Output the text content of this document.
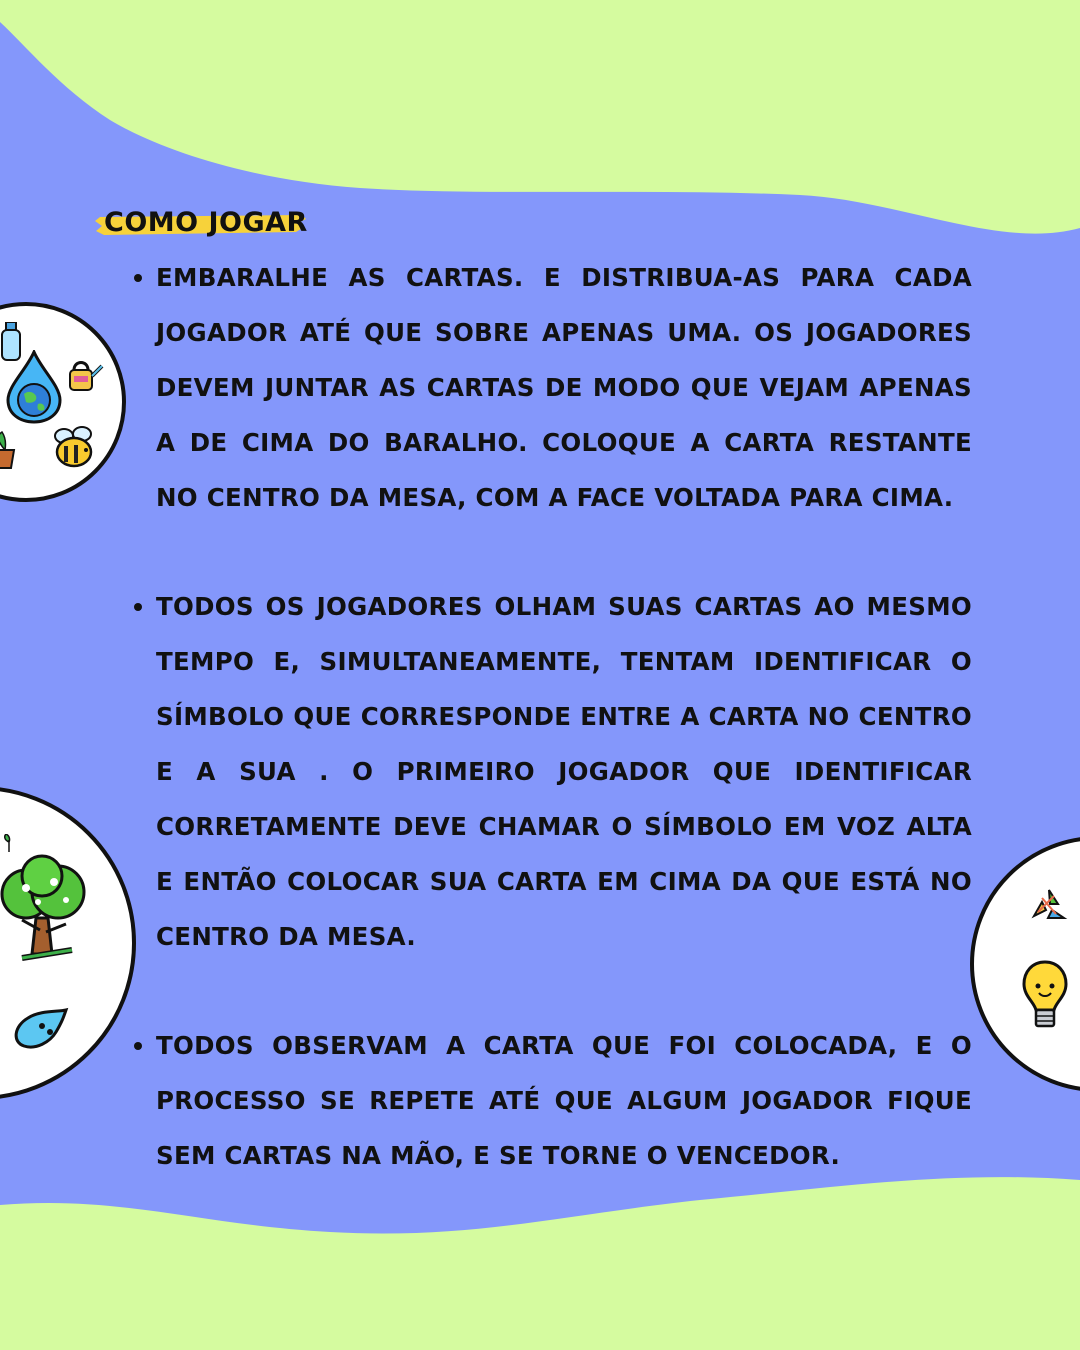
COMO JOGAR
EMBARALHE AS CARTAS. E DISTRIBUA-AS PARA CADA JOGADOR ATÉ QUE SOBRE APENAS UMA. OS JOGADORES DEVEM JUNTAR AS CARTAS DE MODO QUE VEJAM APENAS A DE CIMA DO BARALHO. COLOQUE A CARTA RESTANTE NO CENTRO DA MESA, COM A FACE VOLTADA PARA CIMA.
TODOS OS JOGADORES OLHAM SUAS CARTAS AO MESMO TEMPO E, SIMULTANEAMENTE, TENTAM IDENTIFICAR O SÍMBOLO QUE CORRESPONDE ENTRE A CARTA NO CENTRO E A SUA . O PRIMEIRO JOGADOR QUE IDENTIFICAR CORRETAMENTE DEVE CHAMAR O SÍMBOLO EM VOZ ALTA E ENTÃO COLOCAR SUA CARTA EM CIMA DA QUE ESTÁ NO CENTRO DA MESA.
TODOS OBSERVAM A CARTA QUE FOI COLOCADA, E O PROCESSO SE REPETE ATÉ QUE ALGUM JOGADOR FIQUE SEM CARTAS NA MÃO, E SE TORNE O VENCEDOR.
